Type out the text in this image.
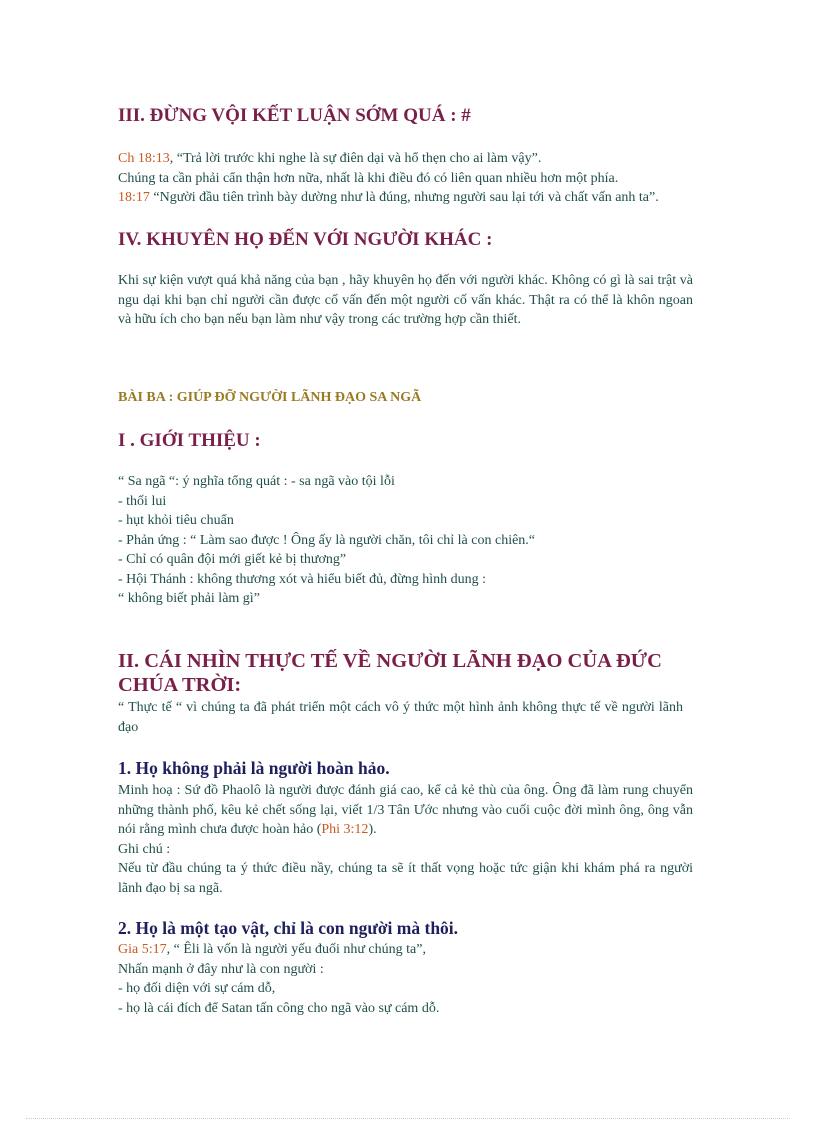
III. ĐỪNG VỘI KẾT LUẬN SỚM QUÁ : #
Ch 18:13, “Trả lời trước khi nghe là sự điên dại và hổ thẹn cho ai làm vậy”.
Chúng ta cần phải cẩn thận hơn nữa, nhất là khi điều đó có liên quan nhiều hơn một phía.
18:17 “Người đầu tiên trình bày dường như là đúng, nhưng người sau lại tới và chất vấn anh ta”.
IV. KHUYÊN HỌ ĐẾN VỚI NGƯỜI KHÁC :
Khi sự kiện vượt quá khả năng của bạn , hãy khuyên họ đến với người khác. Không có gì là sai trật và ngu dại khi bạn chỉ người cần được cố vấn đến một người cố vấn khác. Thật ra có thể là khôn ngoan và hữu ích cho bạn nếu bạn làm như vậy trong các trường hợp cần thiết.
BÀI BA : GIÚP ĐỠ NGƯỜI LÃNH ĐẠO SA NGÃ
I . GIỚI THIỆU :
“ Sa ngã “: ý nghĩa tổng quát : - sa ngã vào tội lỗi
- thối lui
- hụt khỏi tiêu chuẩn
- Phản ứng : “ Làm sao được ! Ông ấy là người chăn, tôi chỉ là con chiên.“
- Chỉ có quân đội mới giết kẻ bị thương”
- Hội Thánh : không thương xót và hiểu biết đủ, đừng hình dung :
“ không biết phải làm gì”
II. CÁI NHÌN THỰC TẾ VỀ NGƯỜI LÃNH ĐẠO CỦA ĐỨC CHÚA TRỜI:
“ Thực tế “ vì chúng ta đã phát triển một cách vô ý thức một hình ảnh không thực tế về người lãnh đạo
1. Họ không phải là người hoàn hảo.
Minh hoạ : Sứ đồ Phaolô là người được đánh giá cao, kể cả kẻ thù của ông. Ông đã làm rung chuyển những thành phố, kêu kẻ chết sống lại, viết 1/3 Tân Ước nhưng vào cuối cuộc đời mình ông, ông vẫn nói rằng mình chưa được hoàn hảo (Phi 3:12).
Ghi chú :
Nếu từ đầu chúng ta ý thức điều nầy, chúng ta sẽ ít thất vọng hoặc tức giận khi khám phá ra người lãnh đạo bị sa ngã.
2. Họ là một tạo vật, chỉ là con người mà thôi.
Gia 5:17, “ Êli là vốn là người yếu đuối như chúng ta”,
Nhấn mạnh ở đây như là con người :
- họ đối diện với sự cám dỗ,
- họ là cái đích để Satan tấn công cho ngã vào sự cám dỗ.
